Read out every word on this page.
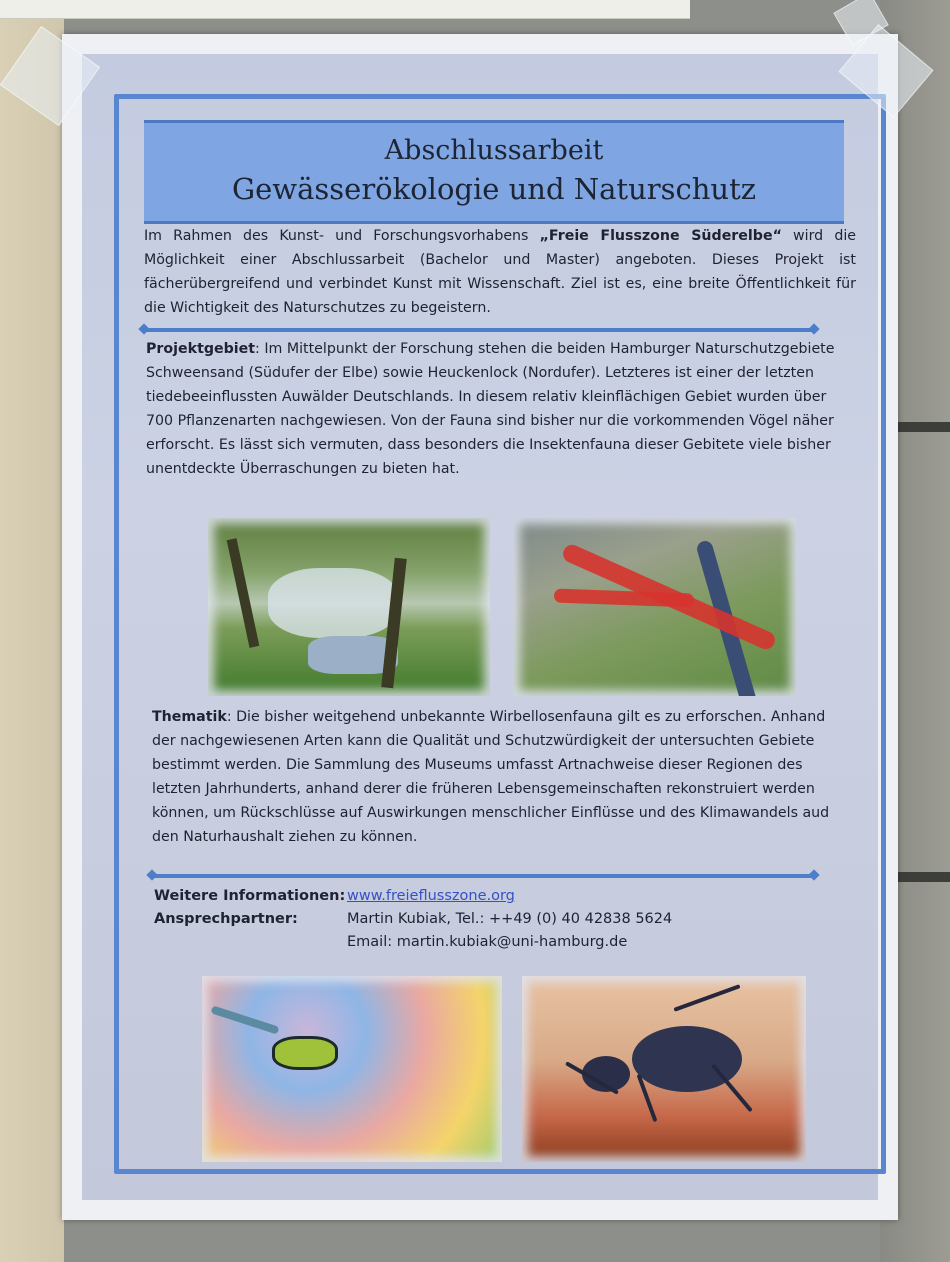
Abschlussarbeit
Gewässerökologie und Naturschutz
Im Rahmen des Kunst- und Forschungsvorhabens „Freie Flusszone Süderelbe“ wird die Möglichkeit einer Abschlussarbeit (Bachelor und Master) angeboten. Dieses Projekt ist fächerübergreifend und verbindet Kunst mit Wissenschaft. Ziel ist es, eine breite Öffentlichkeit für die Wichtigkeit des Naturschutzes zu begeistern.
Projektgebiet: Im Mittelpunkt der Forschung stehen die beiden Hamburger Naturschutzgebiete Schweensand (Südufer der Elbe) sowie Heuckenlock (Nordufer). Letzteres ist einer der letzten tiedebeeinflussten Auwälder Deutschlands. In diesem relativ kleinflächigen Gebiet wurden über 700 Pflanzenarten nachgewiesen. Von der Fauna sind bisher nur die vorkommenden Vögel näher erforscht. Es lässt sich vermuten, dass besonders die Insektenfauna dieser Gebitete viele bisher unentdeckte Überraschungen zu bieten hat.
Thematik: Die bisher weitgehend unbekannte Wirbellosenfauna gilt es zu erforschen. Anhand der nachgewiesenen Arten kann die Qualität und Schutzwürdigkeit der untersuchten Gebiete bestimmt werden. Die Sammlung des Museums umfasst Artnachweise dieser Regionen des letzten Jahrhunderts, anhand derer die früheren Lebensgemeinschaften rekonstruiert werden können, um Rückschlüsse auf Auswirkungen menschlicher Einflüsse und des Klimawandels aud den Naturhaushalt ziehen zu können.
Weitere Informationen: www.freieflusszone.org
Ansprechpartner:	Martin Kubiak, Tel.: ++49 (0) 40 42838 5624
Email: martin.kubiak@uni-hamburg.de
